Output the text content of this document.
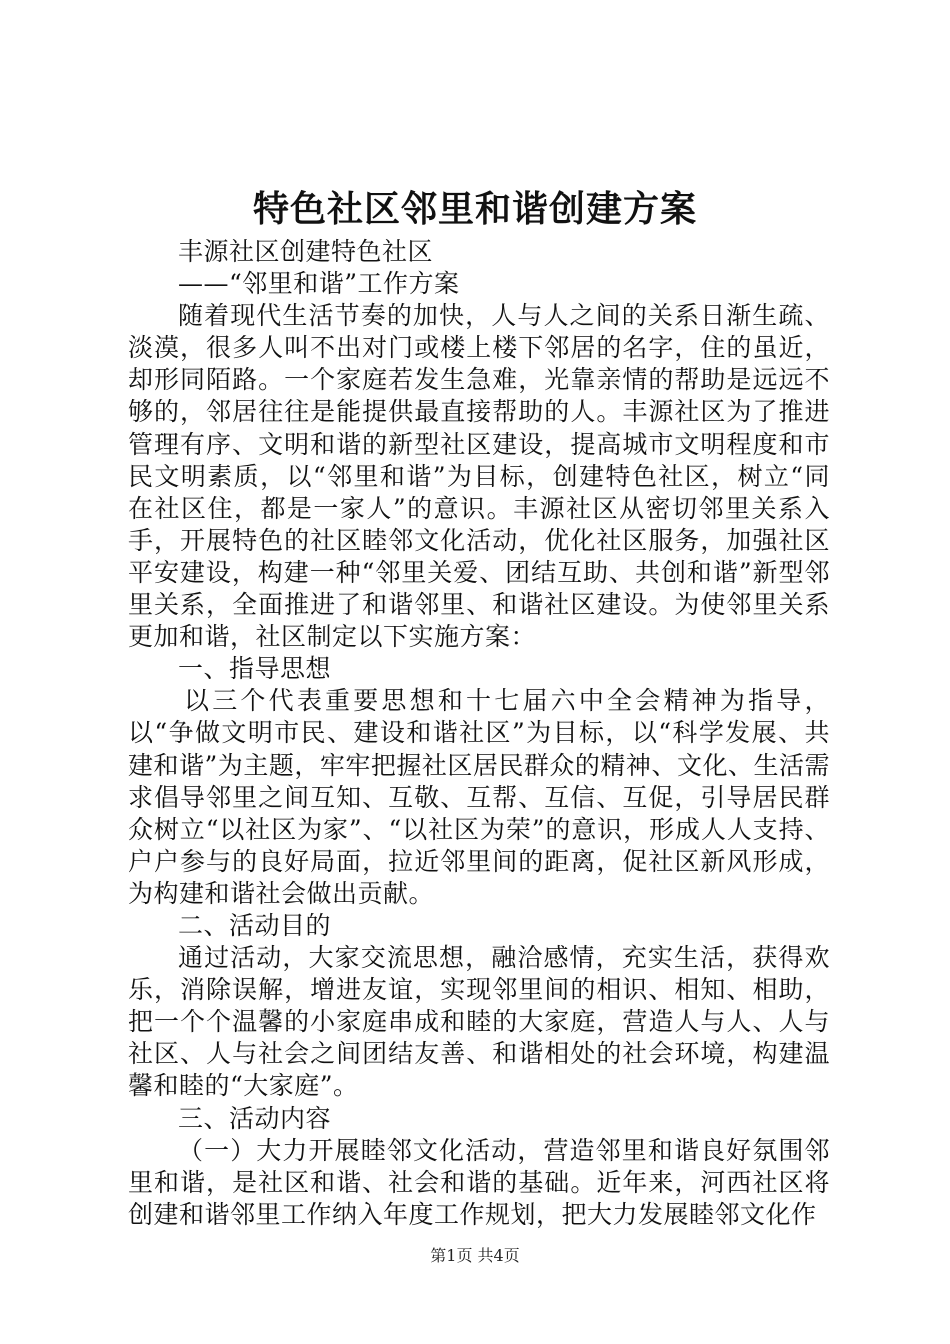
特色社区邻里和谐创建方案

丰源社区创建特色社区

——“邻里和谐”工作方案

随着现代生活节奏的加快，人与人之间的关系日渐生疏、淡漠，很多人叫不出对门或楼上楼下邻居的名字，住的虽近，却形同陌路。一个家庭若发生急难，光靠亲情的帮助是远远不够的，邻居往往是能提供最直接帮助的人。丰源社区为了推进管理有序、文明和谐的新型社区建设，提高城市文明程度和市民文明素质，以“邻里和谐”为目标，创建特色社区，树立“同在社区住，都是一家人”的意识。丰源社区从密切邻里关系入手，开展特色的社区睦邻文化活动，优化社区服务，加强社区平安建设，构建一种“邻里关爱、团结互助、共创和谐”新型邻里关系，全面推进了和谐邻里、和谐社区建设。为使邻里关系更加和谐，社区制定以下实施方案：

一、指导思想

以三个代表重要思想和十七届六中全会精神为指导，以“争做文明市民、建设和谐社区”为目标，以“科学发展、共建和谐”为主题，牢牢把握社区居民群众的精神、文化、生活需求倡导邻里之间互知、互敬、互帮、互信、互促，引导居民群众树立“以社区为家”、“以社区为荣”的意识，形成人人支持、户户参与的良好局面，拉近邻里间的距离，促社区新风形成，为构建和谐社会做出贡献。

二、活动目的

通过活动，大家交流思想，融洽感情，充实生活，获得欢乐，消除误解，增进友谊，实现邻里间的相识、相知、相助，把一个个温馨的小家庭串成和睦的大家庭，营造人与人、人与社区、人与社会之间团结友善、和谐相处的社会环境，构建温馨和睦的“大家庭”。

三、活动内容

（一）大力开展睦邻文化活动，营造邻里和谐良好氛围邻里和谐，是社区和谐、社会和谐的基础。近年来，河西社区将创建和谐邻里工作纳入年度工作规划，把大力发展睦邻文化作

第1页 共4页
